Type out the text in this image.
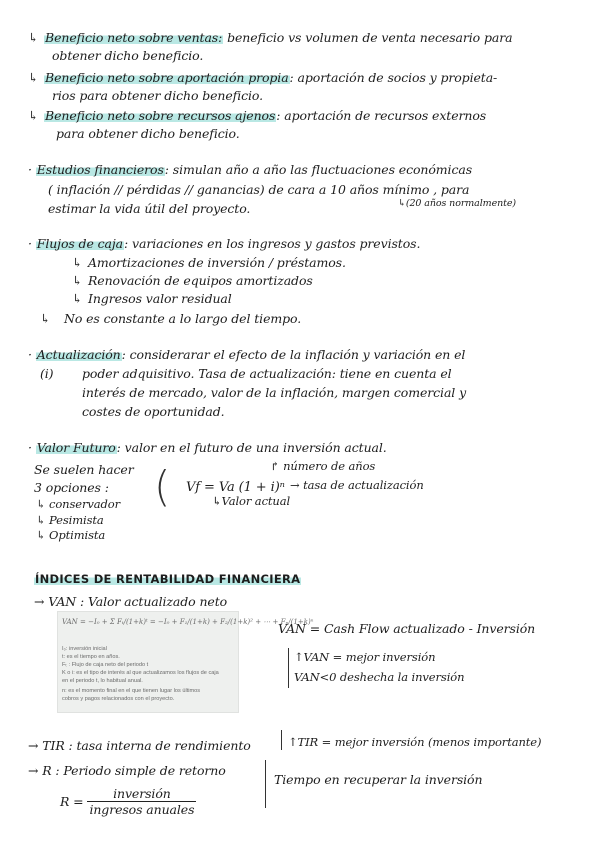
↳ Beneficio neto sobre ventas: beneficio vs volumen de venta necesario para
obtener dicho beneficio.
↳ Beneficio neto sobre aportación propia: aportación de socios y propieta-
rios para obtener dicho beneficio.
↳ Beneficio neto sobre recursos ajenos: aportación de recursos externos
para obtener dicho beneficio.
· Estudios financieros: simulan año a año las fluctuaciones económicas
( inflación // pérdidas // ganancias) de cara a 10 años mínimo , para
estimar la vida útil del proyecto.	↳(20 años normalmente)
· Flujos de caja: variaciones en los ingresos y gastos previstos.
↳ Amortizaciones de inversión / préstamos.
↳ Renovación de equipos amortizados
↳ Ingresos valor residual
↳ No es constante a lo largo del tiempo.
· Actualización: considerarar el efecto de la inflación y variación en el
(i) poder adquisitivo. Tasa de actualización: tiene en cuenta el
interés de mercado, valor de la inflación, margen comercial y
costes de oportunidad.
· Valor Futuro: valor en el futuro de una inversión actual.
Se suelen hacer
3 opciones :
↳ conservador
↳ Pesimista
↳ Optimista
( Vf = Va (1 + i)ⁿ
↱ número de años
→ tasa de actualización
↳Valor actual
ÍNDICES DE RENTABILIDAD FINANCIERA
→ VAN : Valor actualizado neto
VAN = −I₀ + Σ Fₜ/(1+k)ᵗ = −I₀ + F₁/(1+k) + F₂/(1+k)² + ⋯ + Fₙ/(1+k)ⁿ
I₀: inversión inicial
t: es el tiempo en años.
Fₜ : Flujo de caja neto del periodo t
K o i: es el tipo de interés al que actualizamos los flujos de caja
en el periodo t, lo habitual anual.
n: es el momento final en el que tienen lugar los últimos
cobros y pagos relacionados con el proyecto.
VAN = Cash Flow actualizado - Inversión
↑VAN = mejor inversión
VAN<0 deshecha la inversión
→ TIR : tasa interna de rendimiento	↑TIR = mejor inversión (menos importante)
→ R : Periodo simple de retorno
Tiempo en recuperar la inversión
$R = \frac{\text{inversión}}{\text{ingresos anuales}}$
